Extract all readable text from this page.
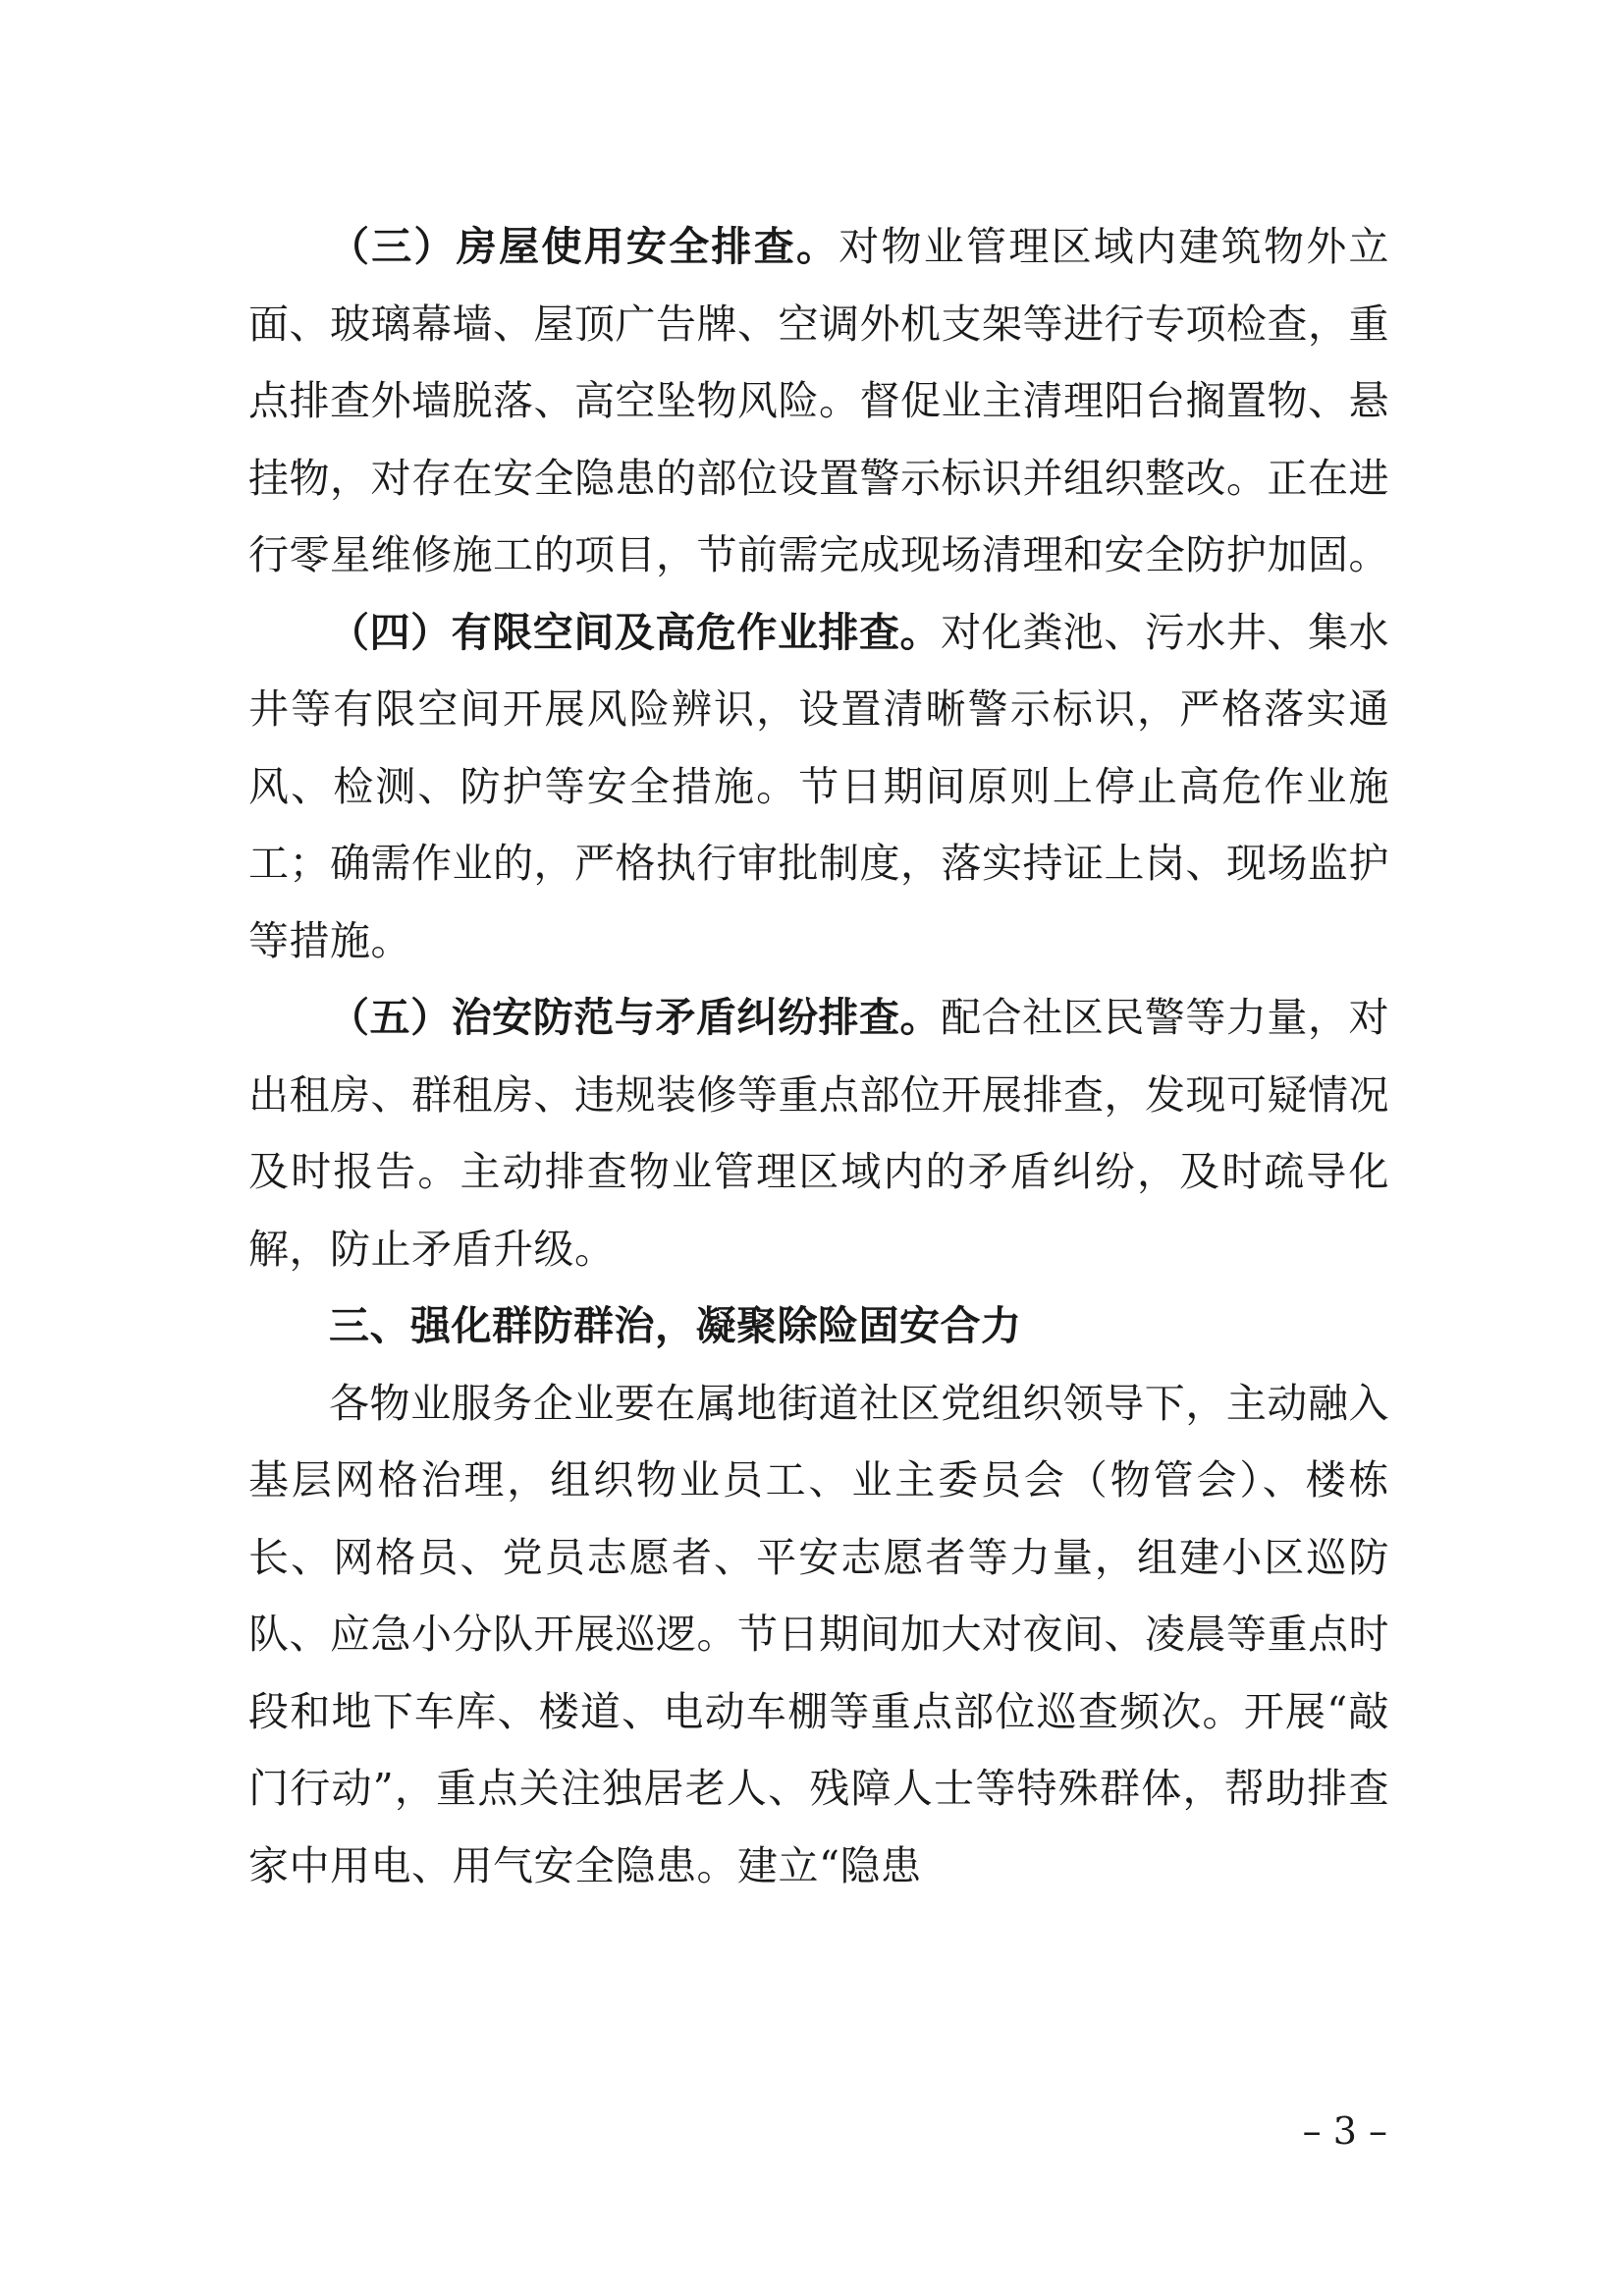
（三）房屋使用安全排查。对物业管理区域内建筑物外立面、玻璃幕墙、屋顶广告牌、空调外机支架等进行专项检查，重点排查外墙脱落、高空坠物风险。督促业主清理阳台搁置物、悬挂物，对存在安全隐患的部位设置警示标识并组织整改。正在进行零星维修施工的项目，节前需完成现场清理和安全防护加固。

（四）有限空间及高危作业排查。对化粪池、污水井、集水井等有限空间开展风险辨识，设置清晰警示标识，严格落实通风、检测、防护等安全措施。节日期间原则上停止高危作业施工；确需作业的，严格执行审批制度，落实持证上岗、现场监护等措施。

（五）治安防范与矛盾纠纷排查。配合社区民警等力量，对出租房、群租房、违规装修等重点部位开展排查，发现可疑情况及时报告。主动排查物业管理区域内的矛盾纠纷，及时疏导化解，防止矛盾升级。

三、强化群防群治，凝聚除险固安合力

各物业服务企业要在属地街道社区党组织领导下，主动融入基层网格治理，组织物业员工、业主委员会（物管会）、楼栋长、网格员、党员志愿者、平安志愿者等力量，组建小区巡防队、应急小分队开展巡逻。节日期间加大对夜间、凌晨等重点时段和地下车库、楼道、电动车棚等重点部位巡查频次。开展“敲门行动”，重点关注独居老人、残障人士等特殊群体，帮助排查家中用电、用气安全隐患。建立“隐患

– 3 –
